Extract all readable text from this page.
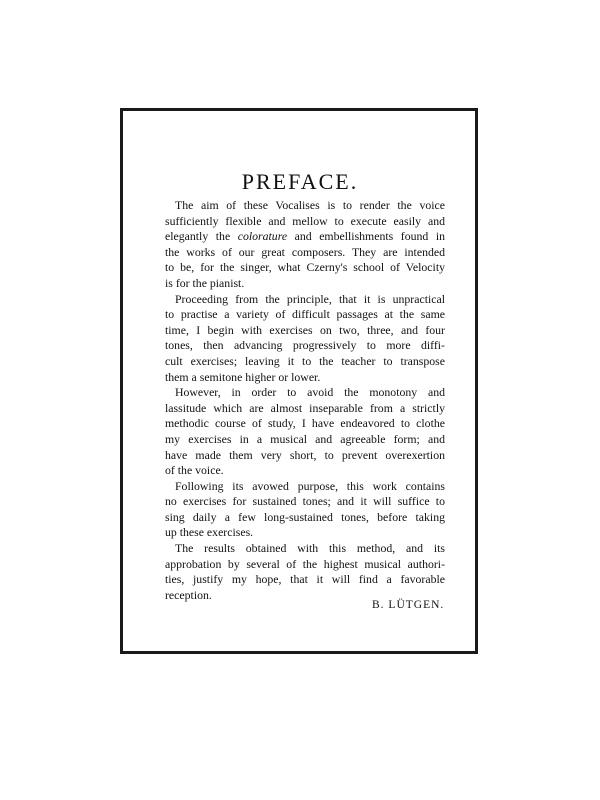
PREFACE.
The aim of these Vocalises is to render the voice
sufficiently flexible and mellow to execute easily and
elegantly the colorature and embellishments found in
the works of our great composers. They are intended
to be, for the singer, what Czerny's school of Velocity
is for the pianist.
Proceeding from the principle, that it is unpractical
to practise a variety of difficult passages at the same
time, I begin with exercises on two, three, and four
tones, then advancing progressively to more diffi-
cult exercises; leaving it to the teacher to transpose
them a semitone higher or lower.
However, in order to avoid the monotony and
lassitude which are almost inseparable from a strictly
methodic course of study, I have endeavored to clothe
my exercises in a musical and agreeable form; and
have made them very short, to prevent overexertion
of the voice.
Following its avowed purpose, this work contains
no exercises for sustained tones; and it will suffice to
sing daily a few long-sustained tones, before taking
up these exercises.
The results obtained with this method, and its
approbation by several of the highest musical authori-
ties, justify my hope, that it will find a favorable
reception.
B. LÜTGEN.
